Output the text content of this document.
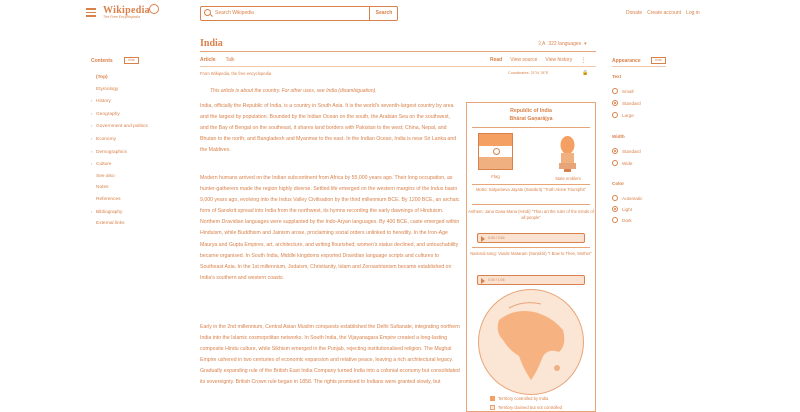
Wikipedia
The Free Encyclopedia
Search Wikipedia	Search	Donate Create account Log in
Contents	hide
(Top)
Etymology
› History
› Geography
› Government and politics
› Economy
› Demographics
› Culture
See also
Notes
References
› Bibliography
External links
India	文A 322 languages ▾
Article Talk	Read View source View history ⋮
From Wikipedia, the free encyclopedia	Coordinates: 21°N 78°E	🔒
This article is about the country. For other uses, see India (disambiguation).

India, officially the Republic of India, is a country in South Asia. It is the world's seventh-largest country by area and the largest by population. Bounded by the Indian Ocean on the south, the Arabian Sea on the southwest, and the Bay of Bengal on the southeast, it shares land borders with Pakistan to the west; China, Nepal, and Bhutan to the north; and Bangladesh and Myanmar to the east. In the Indian Ocean, India is near Sri Lanka and the Maldives.

Modern humans arrived on the Indian subcontinent from Africa by 55,000 years ago. Their long occupation, as hunter-gatherers made the region highly diverse. Settled life emerged on the western margins of the Indus basin 9,000 years ago, evolving into the Indus Valley Civilisation by the third millennium BCE. By 1200 BCE, an archaic form of Sanskrit spread into India from the northwest, its hymns recording the early dawnings of Hinduism. Northern Dravidian languages were supplanted by the Indo-Aryan languages. By 400 BCE, caste emerged within Hinduism, while Buddhism and Jainism arose, proclaiming social orders unlinked to heredity. In the Iron-Age Maurya and Gupta Empires, art, architecture, and writing flourished; women's status declined, and untouchability became organised. In South India, Middle kingdoms exported Dravidian language scripts and cultures to Southeast Asia. In the 1st millennium, Judaism, Christianity, Islam and Zoroastrianism became established on India's southern and western coasts.

Early in the 2nd millennium, Central Asian Muslim conquests established the Delhi Sultanate, integrating northern India into the Islamic cosmopolitan networks. In South India, the Vijayanagara Empire created a long-lasting composite Hindu culture, while Sikhism emerged in the Punjab, rejecting institutionalised religion. The Mughal Empire ushered in two centuries of economic expansion and relative peace, leaving a rich architectural legacy. Gradually expanding rule of the British East India Company turned India into a colonial economy but consolidated its sovereignty. British Crown rule began in 1858. The rights promised to Indians were granted slowly, but

Republic of India
Bhārat Gaṇarājya
Flag	State emblem
Motto: Satyameva Jayate (Sanskrit) "Truth Alone Triumphs"
Anthem: Jana Gana Mana (Hindi) "Thou art the ruler of the minds of all people"
0:00 / 0:54
National song: Vande Mataram (Sanskrit) "I Bow to Thee, Mother"
0:00 / 1:05
Territory controlled by India
Territory claimed but not controlled
Appearance	hide
Text
Small
Standard
Large
Width
Standard
Wide
Color
Automatic
Light
Dark
